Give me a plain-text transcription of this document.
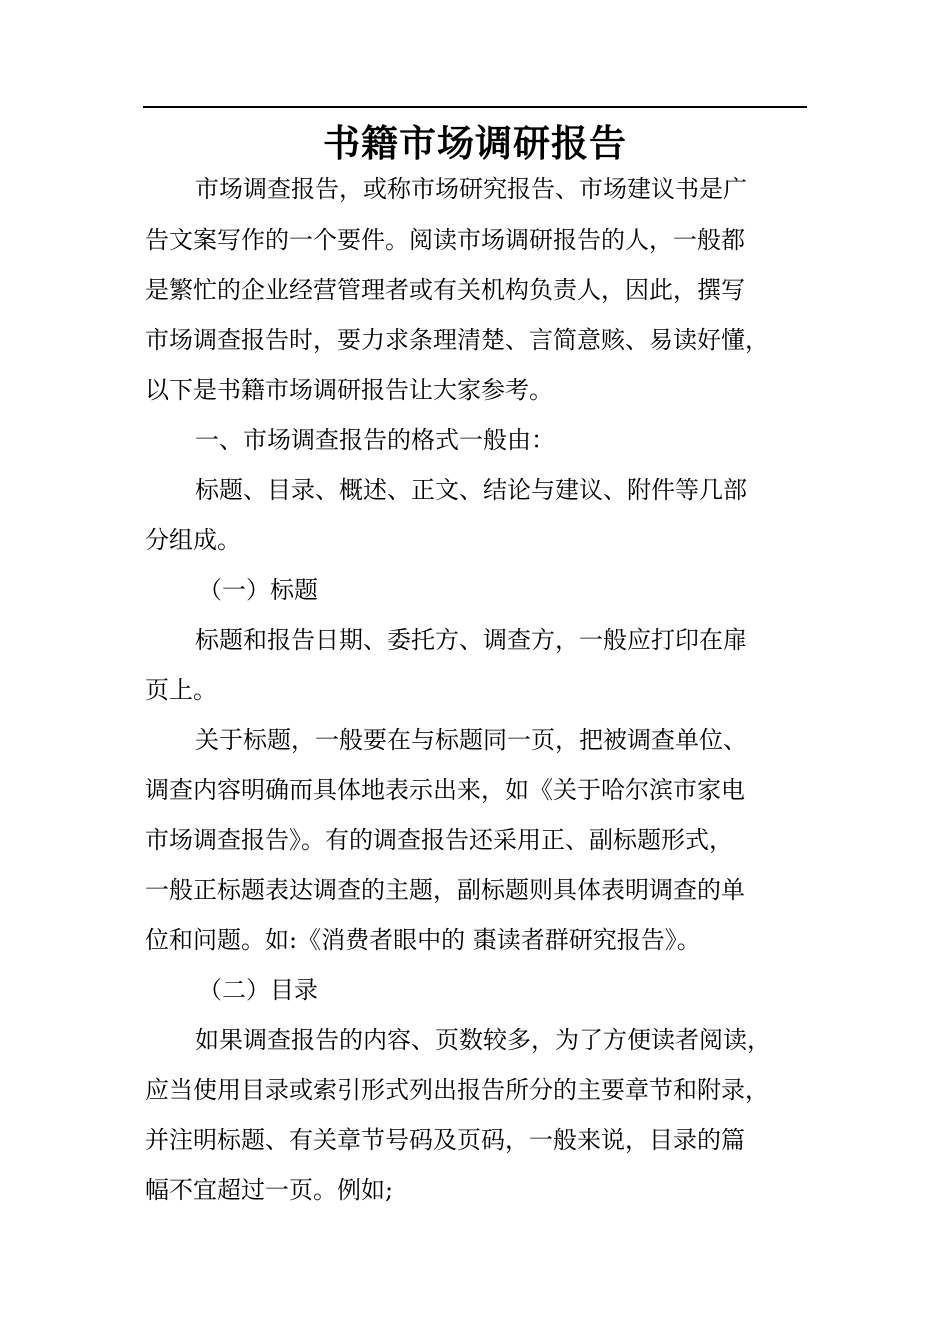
书籍市场调研报告
市场调查报告，或称市场研究报告、市场建议书是广
告文案写作的一个要件。阅读市场调研报告的人，一般都
是繁忙的企业经营管理者或有关机构负责人，因此，撰写
市场调查报告时，要力求条理清楚、言简意赅、易读好懂，
以下是书籍市场调研报告让大家参考。
一、市场调查报告的格式一般由：
标题、目录、概述、正文、结论与建议、附件等几部
分组成。
（一）标题
标题和报告日期、委托方、调查方，一般应打印在扉
页上。
关于标题，一般要在与标题同一页，把被调查单位、
调查内容明确而具体地表示出来，如《关于哈尔滨市家电
市场调查报告》。有的调查报告还采用正、副标题形式，
一般正标题表达调查的主题，副标题则具体表明调查的单
位和问题。如:《消费者眼中的 棗读者群研究报告》。
（二）目录
如果调查报告的内容、页数较多，为了方便读者阅读，
应当使用目录或索引形式列出报告所分的主要章节和附录，
并注明标题、有关章节号码及页码，一般来说，目录的篇
幅不宜超过一页。例如;
